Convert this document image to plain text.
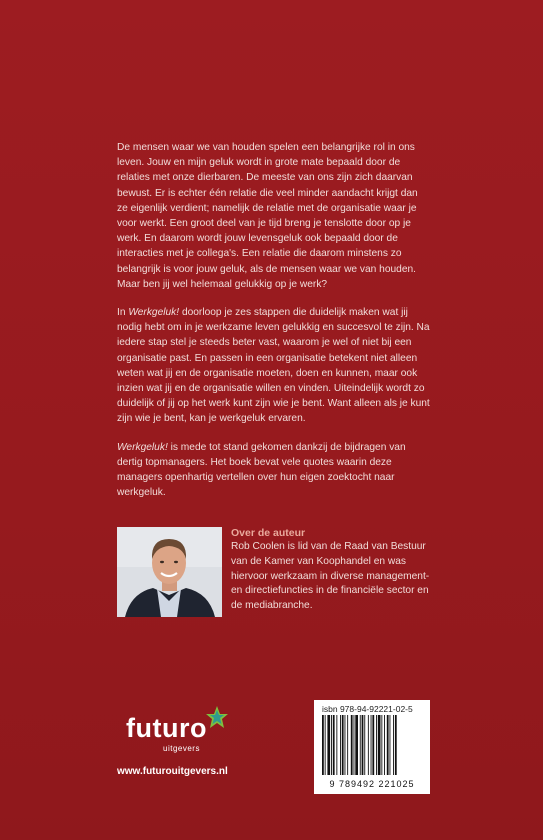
De mensen waar we van houden spelen een belangrijke rol in ons leven. Jouw en mijn geluk wordt in grote mate bepaald door de relaties met onze dierbaren. De meeste van ons zijn zich daarvan bewust. Er is echter één relatie die veel minder aandacht krijgt dan ze eigenlijk verdient; namelijk de relatie met de organisatie waar je voor werkt. Een groot deel van je tijd breng je tenslotte door op je werk. En daarom wordt jouw levensgeluk ook bepaald door de interacties met je collega's. Een relatie die daarom minstens zo belangrijk is voor jouw geluk, als de mensen waar we van houden. Maar ben jij wel helemaal gelukkig op je werk?

In Werkgeluk! doorloop je zes stappen die duidelijk maken wat jij nodig hebt om in je werkzame leven gelukkig en succesvol te zijn. Na iedere stap stel je steeds beter vast, waarom je wel of niet bij een organisatie past. En passen in een organisatie betekent niet alleen weten wat jij en de organisatie moeten, doen en kunnen, maar ook inzien wat jij en de organisatie willen en vinden. Uiteindelijk wordt zo duidelijk of jij op het werk kunt zijn wie je bent. Want alleen als je kunt zijn wie je bent, kan je werkgeluk ervaren.

Werkgeluk! is mede tot stand gekomen dankzij de bijdragen van dertig topmanagers. Het boek bevat vele quotes waarin deze managers openhartig vertellen over hun eigen zoektocht naar werkgeluk.

Over de auteur
Rob Coolen is lid van de Raad van Bestuur van de Kamer van Koophandel en was hiervoor werkzaam in diverse management- en directiefuncties in de financiële sector en de mediabranche.
futuro
uitgevers
www.futurouitgevers.nl
isbn 978-94-92221-02-5
9 789492 221025
